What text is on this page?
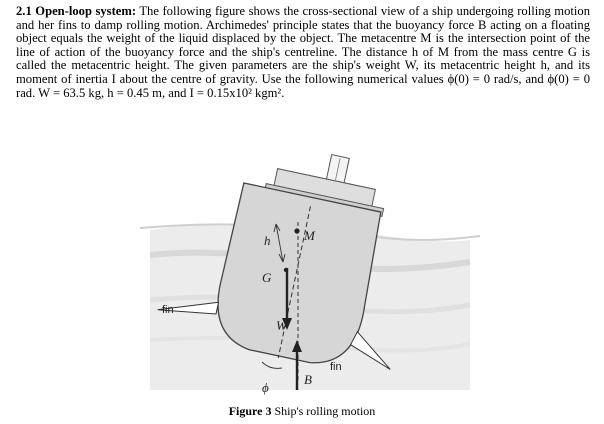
2.1 Open-loop system: The following figure shows the cross-sectional view of a ship undergoing rolling motion and her fins to damp rolling motion. Archimedes' principle states that the buoyancy force B acting on a floating object equals the weight of the liquid displaced by the object. The metacentre M is the intersection point of the line of action of the buoyancy force and the ship's centreline. The distance h of M from the mass centre G is called the metacentric height. The given parameters are the ship's weight W, its metacentric height h, and its moment of inertia I about the centre of gravity. Use the following numerical values ϕ(0) = 0 rad/s, and ϕ(0) = 0 rad. W = 63.5 kg, h = 0.45 m, and I = 0.15x10² kgm².

M
h
G
W
B
ϕ
fin
fin
Figure 3 Ship's rolling motion
